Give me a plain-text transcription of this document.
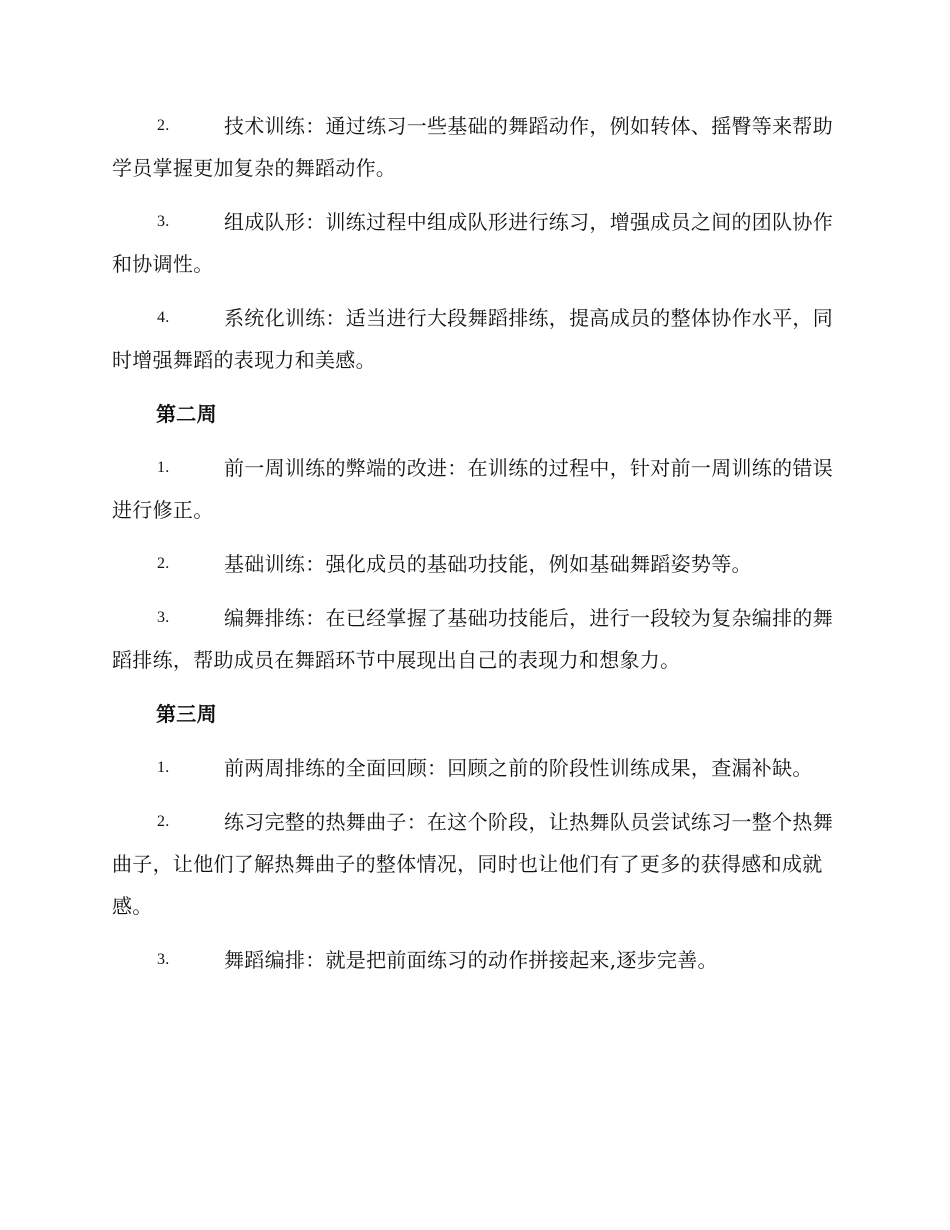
2.	技术训练：通过练习一些基础的舞蹈动作，例如转体、摇臀等来帮助学员掌握更加复杂的舞蹈动作。

3.	组成队形：训练过程中组成队形进行练习，增强成员之间的团队协作和协调性。

4.	系统化训练：适当进行大段舞蹈排练，提高成员的整体协作水平，同时增强舞蹈的表现力和美感。

第二周

1.	前一周训练的弊端的改进：在训练的过程中，针对前一周训练的错误进行修正。

2.	基础训练：强化成员的基础功技能，例如基础舞蹈姿势等。

3.	编舞排练：在已经掌握了基础功技能后，进行一段较为复杂编排的舞蹈排练，帮助成员在舞蹈环节中展现出自己的表现力和想象力。

第三周

1.	前两周排练的全面回顾：回顾之前的阶段性训练成果，查漏补缺。

2.	练习完整的热舞曲子：在这个阶段，让热舞队员尝试练习一整个热舞曲子，让他们了解热舞曲子的整体情况，同时也让他们有了更多的获得感和成就感。

3.	舞蹈编排：就是把前面练习的动作拼接起来,逐步完善。
